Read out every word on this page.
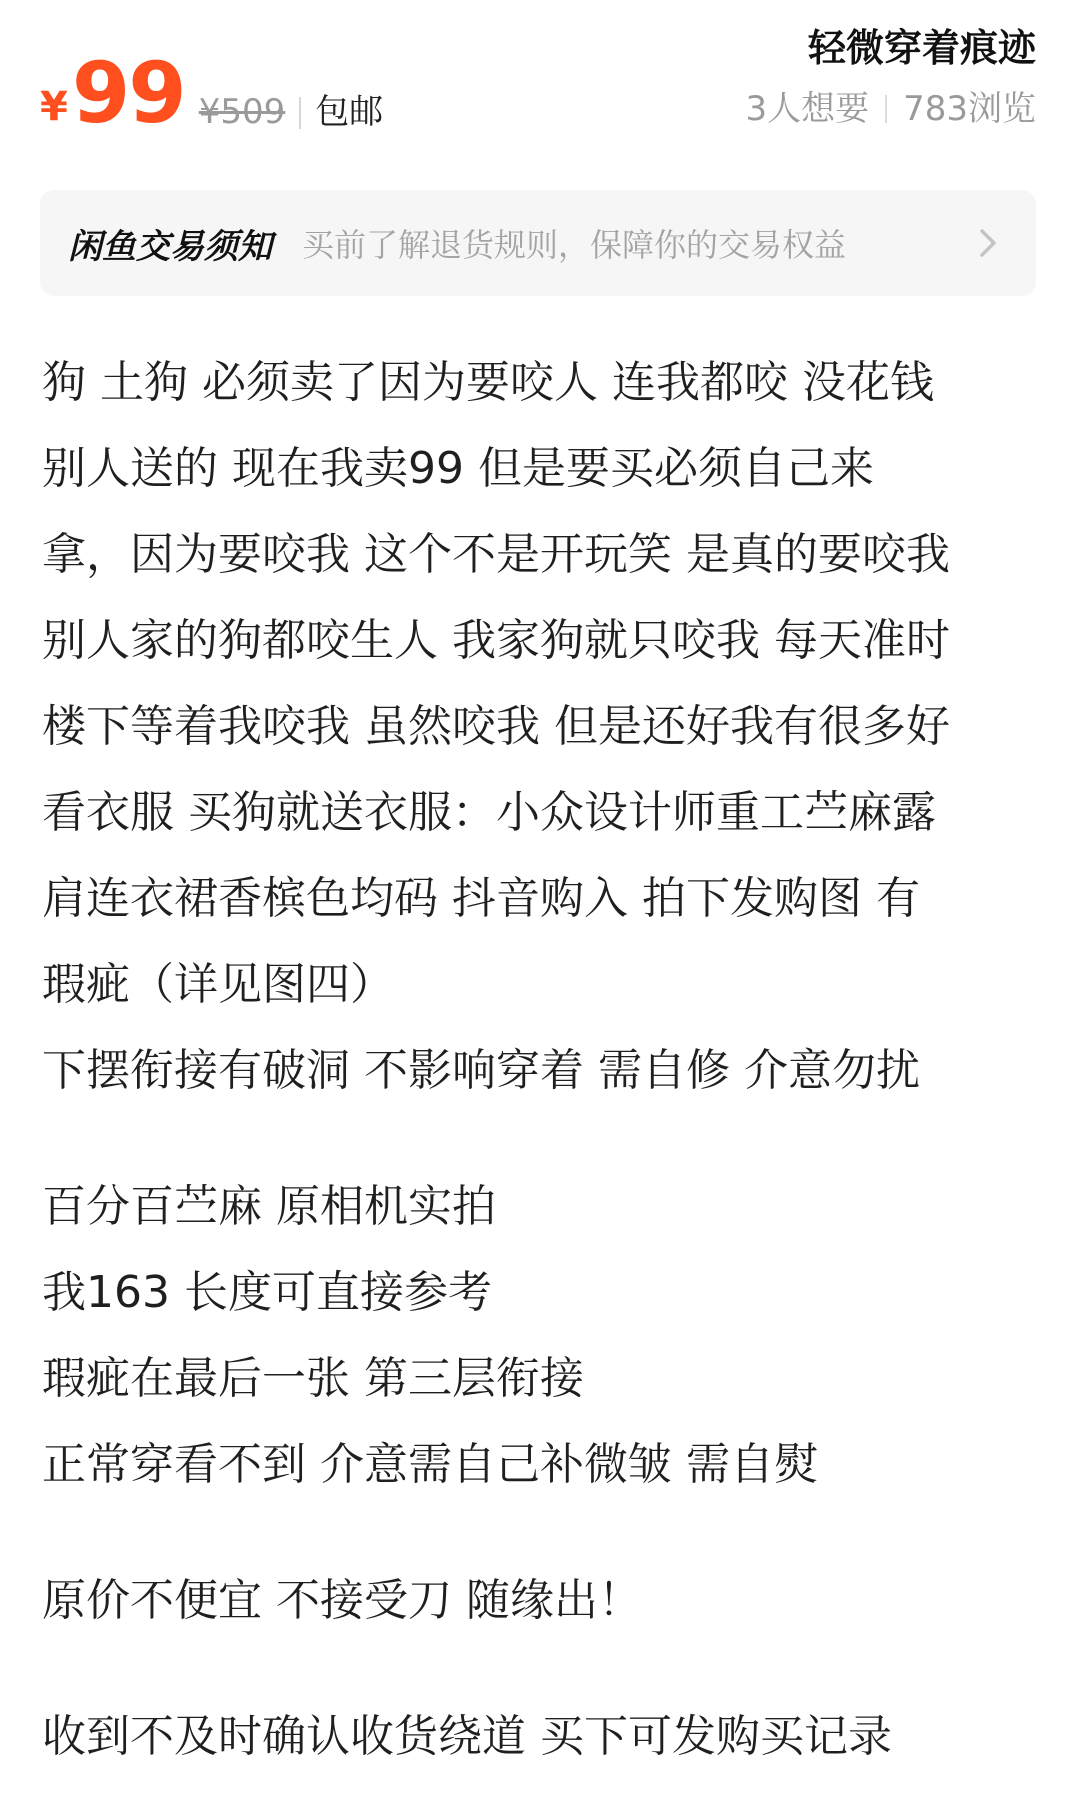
¥ 99 ¥509 包邮
轻微穿着痕迹
3人想要 783浏览
闲鱼交易须知 买前了解退货规则，保障你的交易权益

狗 土狗 必须卖了因为要咬人 连我都咬 没花钱

别人送的 现在我卖99 但是要买必须自己来

拿，因为要咬我 这个不是开玩笑 是真的要咬我

别人家的狗都咬生人 我家狗就只咬我 每天准时

楼下等着我咬我 虽然咬我 但是还好我有很多好

看衣服 买狗就送衣服：小众设计师重工苎麻露

肩连衣裙香槟色均码 抖音购入 拍下发购图 有

瑕疵（详见图四）

下摆衔接有破洞 不影响穿着 需自修 介意勿扰

百分百苎麻 原相机实拍

我163 长度可直接参考

瑕疵在最后一张 第三层衔接

正常穿看不到 介意需自己补微皱 需自熨

原价不便宜 不接受刀 随缘出！

收到不及时确认收货绕道 买下可发购买记录
